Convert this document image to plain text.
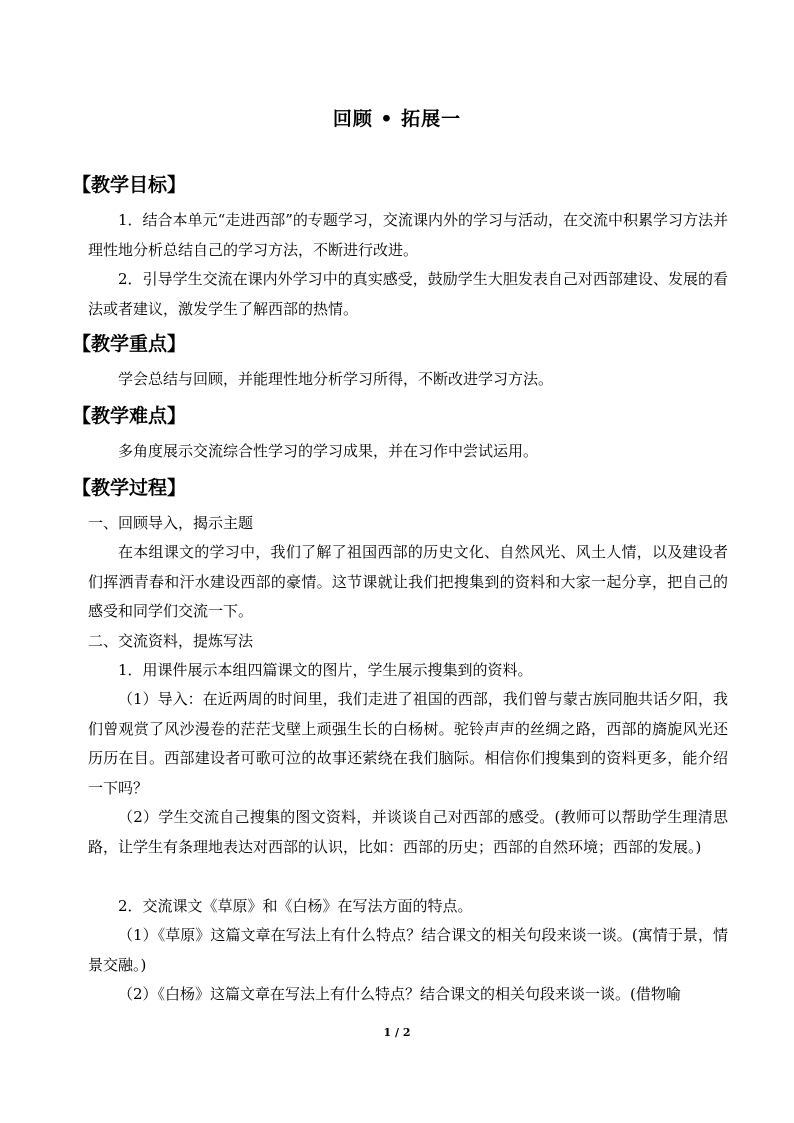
回顾 • 拓展一
【教学目标】
1．结合本单元“走进西部”的专题学习，交流课内外的学习与活动，在交流中积累学习方法并理性地分析总结自己的学习方法，不断进行改进。
2．引导学生交流在课内外学习中的真实感受，鼓励学生大胆发表自己对西部建设、发展的看法或者建议，激发学生了解西部的热情。
【教学重点】
学会总结与回顾，并能理性地分析学习所得，不断改进学习方法。
【教学难点】
多角度展示交流综合性学习的学习成果，并在习作中尝试运用。
【教学过程】
一、回顾导入，揭示主题
在本组课文的学习中，我们了解了祖国西部的历史文化、自然风光、风土人情，以及建设者们挥洒青春和汗水建设西部的豪情。这节课就让我们把搜集到的资料和大家一起分享，把自己的感受和同学们交流一下。
二、交流资料，提炼写法
1．用课件展示本组四篇课文的图片，学生展示搜集到的资料。
（1）导入：在近两周的时间里，我们走进了祖国的西部，我们曾与蒙古族同胞共话夕阳，我们曾观赏了风沙漫卷的茫茫戈壁上顽强生长的白杨树。驼铃声声的丝绸之路，西部的旖旎风光还历历在目。西部建设者可歌可泣的故事还萦绕在我们脑际。相信你们搜集到的资料更多，能介绍一下吗？
（2）学生交流自己搜集的图文资料，并谈谈自己对西部的感受。(教师可以帮助学生理清思路，让学生有条理地表达对西部的认识，比如：西部的历史；西部的自然环境；西部的发展。)
2．交流课文《草原》和《白杨》在写法方面的特点。
（1）《草原》这篇文章在写法上有什么特点？结合课文的相关句段来谈一谈。(寓情于景，情景交融。)
（2）《白杨》这篇文章在写法上有什么特点？结合课文的相关句段来谈一谈。(借物喻
1 / 2
